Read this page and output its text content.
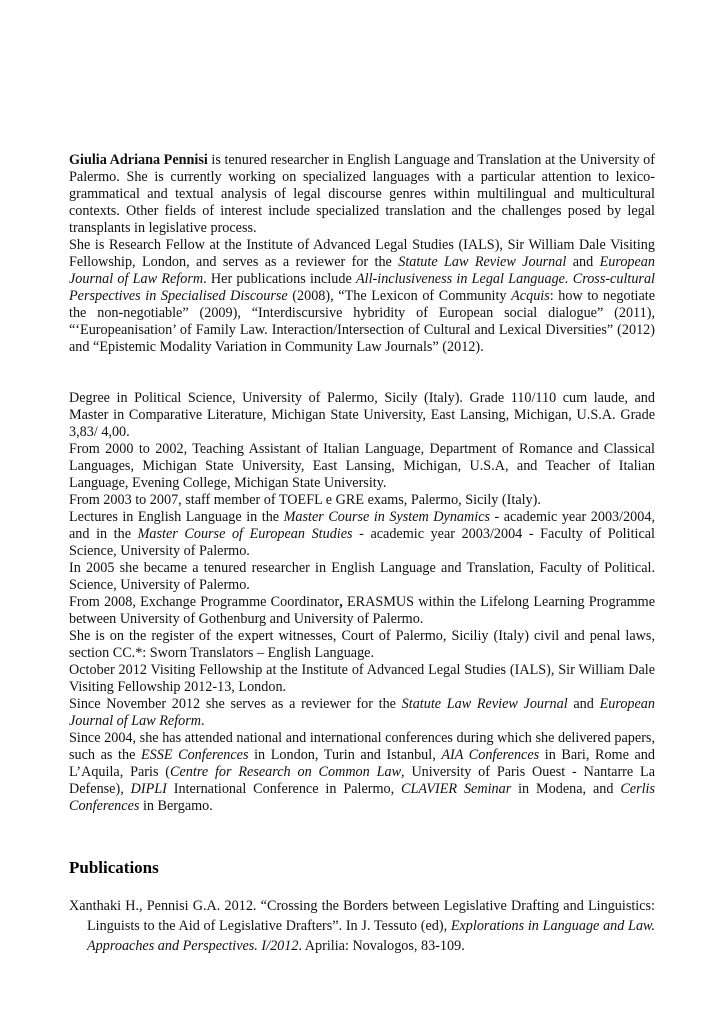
Giulia Adriana Pennisi is tenured researcher in English Language and Translation at the University of Palermo. She is currently working on specialized languages with a particular attention to lexico-grammatical and textual analysis of legal discourse genres within multilingual and multicultural contexts. Other fields of interest include specialized translation and the challenges posed by legal transplants in legislative process.

She is Research Fellow at the Institute of Advanced Legal Studies (IALS), Sir William Dale Visiting Fellowship, London, and serves as a reviewer for the Statute Law Review Journal and European Journal of Law Reform. Her publications include All-inclusiveness in Legal Language. Cross-cultural Perspectives in Specialised Discourse (2008), “The Lexicon of Community Acquis: how to negotiate the non-negotiable” (2009), “Interdiscursive hybridity of European social dialogue” (2011), “‘Europeanisation’ of Family Law. Interaction/Intersection of Cultural and Lexical Diversities” (2012) and “Epistemic Modality Variation in Community Law Journals” (2012).

Degree in Political Science, University of Palermo, Sicily (Italy). Grade 110/110 cum laude, and Master in Comparative Literature, Michigan State University, East Lansing, Michigan, U.S.A. Grade 3,83/ 4,00.

From 2000 to 2002, Teaching Assistant of Italian Language, Department of Romance and Classical Languages, Michigan State University, East Lansing, Michigan, U.S.A, and Teacher of Italian Language, Evening College, Michigan State University.

From 2003 to 2007, staff member of TOEFL e GRE exams, Palermo, Sicily (Italy).

Lectures in English Language in the Master Course in System Dynamics - academic year 2003/2004, and in the Master Course of European Studies - academic year 2003/2004 - Faculty of Political Science, University of Palermo.

In 2005 she became a tenured researcher in English Language and Translation, Faculty of Political. Science, University of Palermo.

From 2008, Exchange Programme Coordinator, ERASMUS within the Lifelong Learning Programme between University of Gothenburg and University of Palermo.

She is on the register of the expert witnesses, Court of Palermo, Siciliy (Italy) civil and penal laws, section CC.*: Sworn Translators – English Language.

October 2012 Visiting Fellowship at the Institute of Advanced Legal Studies (IALS), Sir William Dale Visiting Fellowship 2012-13, London.

Since November 2012 she serves as a reviewer for the Statute Law Review Journal and European Journal of Law Reform.

Since 2004, she has attended national and international conferences during which she delivered papers, such as the ESSE Conferences in London, Turin and Istanbul, AIA Conferences in Bari, Rome and L’Aquila, Paris (Centre for Research on Common Law, University of Paris Ouest - Nantarre La Defense), DIPLI International Conference in Palermo, CLAVIER Seminar in Modena, and Cerlis Conferences in Bergamo.

Publications

Xanthaki H., Pennisi G.A. 2012. “Crossing the Borders between Legislative Drafting and Linguistics: Linguists to the Aid of Legislative Drafters”. In J. Tessuto (ed), Explorations in Language and Law. Approaches and Perspectives. I/2012. Aprilia: Novalogos, 83-109.
